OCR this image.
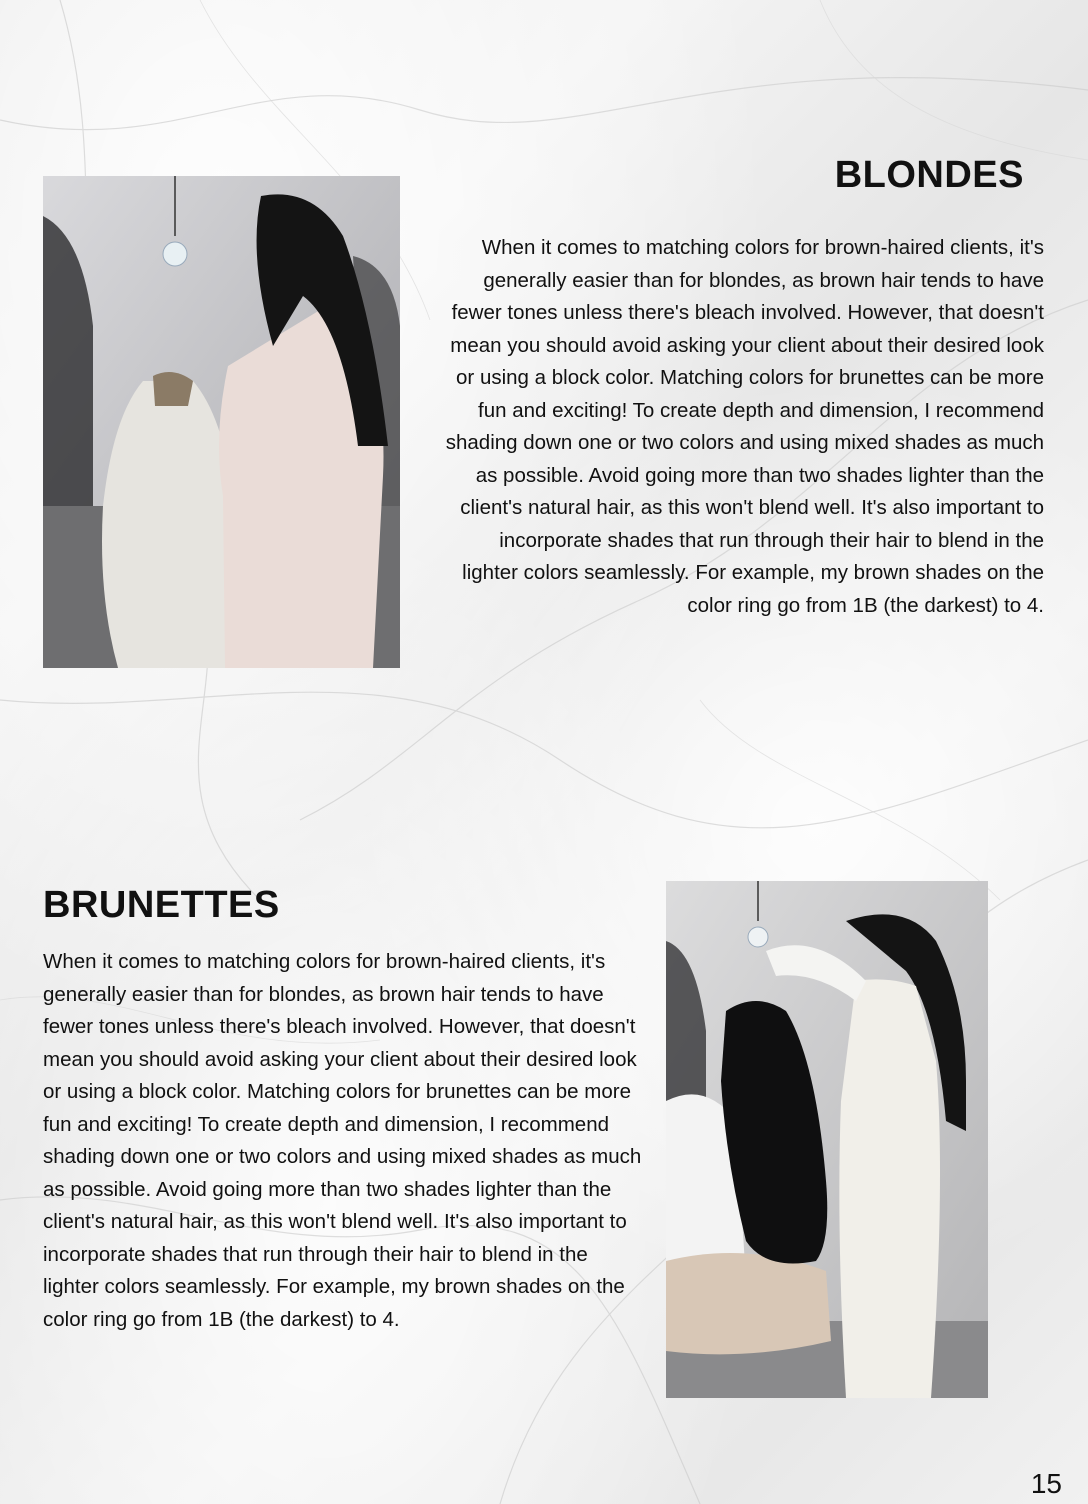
BLONDES

When it comes to matching colors for brown-haired clients, it's generally easier than for blondes, as brown hair tends to have fewer tones unless there's bleach involved. However, that doesn't mean you should avoid asking your client about their desired look or using a block color. Matching colors for brunettes can be more fun and exciting! To create depth and dimension, I recommend shading down one or two colors and using mixed shades as much as possible. Avoid going more than two shades lighter than the client's natural hair, as this won't blend well. It's also important to incorporate shades that run through their hair to blend in the lighter colors seamlessly. For example, my brown shades on the color ring go from 1B (the darkest) to 4.

BRUNETTES

When it comes to matching colors for brown-haired clients, it's generally easier than for blondes, as brown hair tends to have fewer tones unless there's bleach involved. However, that doesn't mean you should avoid asking your client about their desired look or using a block color. Matching colors for brunettes can be more fun and exciting! To create depth and dimension, I recommend shading down one or two colors and using mixed shades as much as possible. Avoid going more than two shades lighter than the client's natural hair, as this won't blend well. It's also important to incorporate shades that run through their hair to blend in the lighter colors seamlessly. For example, my brown shades on the color ring go from 1B (the darkest) to 4.

15
